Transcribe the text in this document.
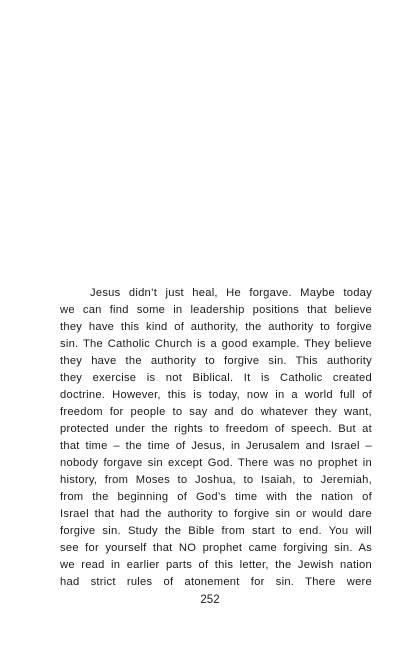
Jesus didn’t just heal, He forgave. Maybe today
we can find some in leadership positions that believe
they have this kind of authority, the authority to forgive
sin. The Catholic Church is a good example. They believe
they have the authority to forgive sin. This authority
they exercise is not Biblical. It is Catholic created
doctrine. However, this is today, now in a world full of
freedom for people to say and do whatever they want,
protected under the rights to freedom of speech. But at
that time – the time of Jesus, in Jerusalem and Israel –
nobody forgave sin except God. There was no prophet in
history, from Moses to Joshua, to Isaiah, to Jeremiah,
from the beginning of God’s time with the nation of
Israel that had the authority to forgive sin or would dare
forgive sin. Study the Bible from start to end. You will
see for yourself that NO prophet came forgiving sin. As
we read in earlier parts of this letter, the Jewish nation
had strict rules of atonement for sin. There were

252
